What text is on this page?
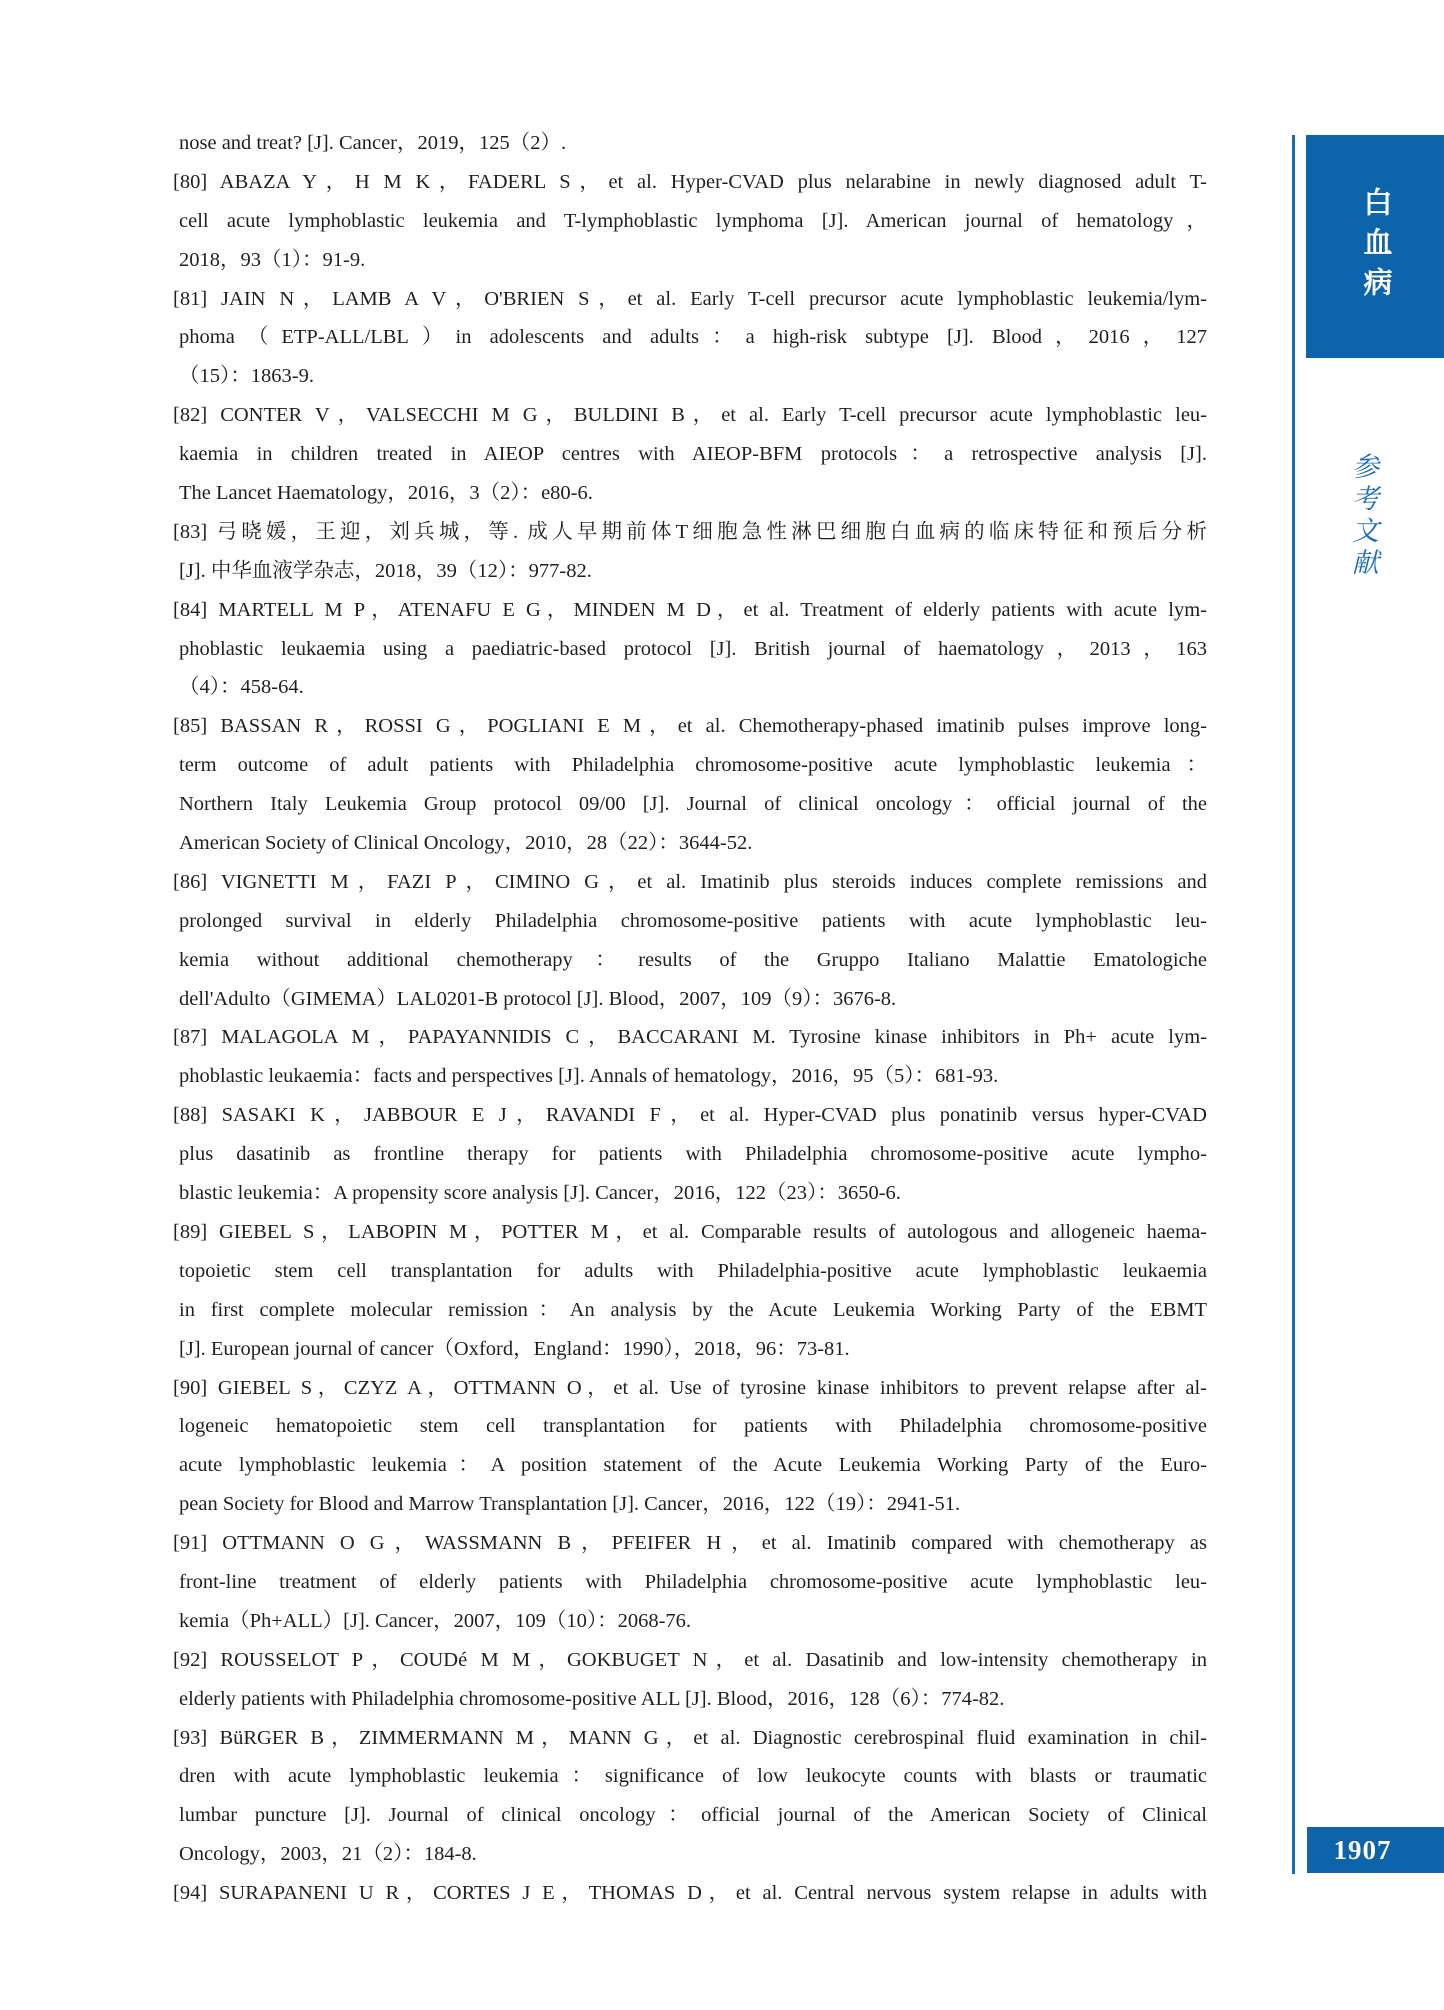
nose and treat? [J]. Cancer，2019，125（2）.
[80] ABAZA Y，H M K，FADERL S，et al. Hyper-CVAD plus nelarabine in newly diagnosed adult T-
cell acute lymphoblastic leukemia and T-lymphoblastic lymphoma [J]. American journal of hematology，
2018，93（1）：91-9.
[81] JAIN N，LAMB A V，O'BRIEN S，et al. Early T-cell precursor acute lymphoblastic leukemia/lym-
phoma（ETP-ALL/LBL）in adolescents and adults：a high-risk subtype [J]. Blood，2016，127
（15）：1863-9.
[82] CONTER V，VALSECCHI M G，BULDINI B，et al. Early T-cell precursor acute lymphoblastic leu-
kaemia in children treated in AIEOP centres with AIEOP-BFM protocols：a retrospective analysis [J].
The Lancet Haematology，2016，3（2）：e80-6.
[83] 弓晓媛，王迎，刘兵城，等. 成人早期前体T细胞急性淋巴细胞白血病的临床特征和预后分析
[J]. 中华血液学杂志，2018，39（12）：977-82.
[84] MARTELL M P，ATENAFU E G，MINDEN M D，et al. Treatment of elderly patients with acute lym-
phoblastic leukaemia using a paediatric-based protocol [J]. British journal of haematology，2013，163
（4）：458-64.
[85] BASSAN R，ROSSI G，POGLIANI E M，et al. Chemotherapy-phased imatinib pulses improve long-
term outcome of adult patients with Philadelphia chromosome-positive acute lymphoblastic leukemia：
Northern Italy Leukemia Group protocol 09/00 [J]. Journal of clinical oncology：official journal of the
American Society of Clinical Oncology，2010，28（22）：3644-52.
[86] VIGNETTI M，FAZI P，CIMINO G，et al. Imatinib plus steroids induces complete remissions and
prolonged survival in elderly Philadelphia chromosome-positive patients with acute lymphoblastic leu-
kemia without additional chemotherapy：results of the Gruppo Italiano Malattie Ematologiche
dell'Adulto（GIMEMA）LAL0201-B protocol [J]. Blood，2007，109（9）：3676-8.
[87] MALAGOLA M，PAPAYANNIDIS C，BACCARANI M. Tyrosine kinase inhibitors in Ph+ acute lym-
phoblastic leukaemia：facts and perspectives [J]. Annals of hematology，2016，95（5）：681-93.
[88] SASAKI K，JABBOUR E J，RAVANDI F，et al. Hyper-CVAD plus ponatinib versus hyper-CVAD
plus dasatinib as frontline therapy for patients with Philadelphia chromosome-positive acute lympho-
blastic leukemia：A propensity score analysis [J]. Cancer，2016，122（23）：3650-6.
[89] GIEBEL S，LABOPIN M，POTTER M，et al. Comparable results of autologous and allogeneic haema-
topoietic stem cell transplantation for adults with Philadelphia-positive acute lymphoblastic leukaemia
in first complete molecular remission：An analysis by the Acute Leukemia Working Party of the EBMT
[J]. European journal of cancer（Oxford，England：1990），2018，96：73-81.
[90] GIEBEL S，CZYZ A，OTTMANN O，et al. Use of tyrosine kinase inhibitors to prevent relapse after al-
logeneic hematopoietic stem cell transplantation for patients with Philadelphia chromosome-positive
acute lymphoblastic leukemia：A position statement of the Acute Leukemia Working Party of the Euro-
pean Society for Blood and Marrow Transplantation [J]. Cancer，2016，122（19）：2941-51.
[91] OTTMANN O G，WASSMANN B，PFEIFER H，et al. Imatinib compared with chemotherapy as
front-line treatment of elderly patients with Philadelphia chromosome-positive acute lymphoblastic leu-
kemia（Ph+ALL）[J]. Cancer，2007，109（10）：2068-76.
[92] ROUSSELOT P，COUDé M M，GOKBUGET N，et al. Dasatinib and low-intensity chemotherapy in
elderly patients with Philadelphia chromosome-positive ALL [J]. Blood，2016，128（6）：774-82.
[93] BüRGER B，ZIMMERMANN M，MANN G，et al. Diagnostic cerebrospinal fluid examination in chil-
dren with acute lymphoblastic leukemia：significance of low leukocyte counts with blasts or traumatic
lumbar puncture [J]. Journal of clinical oncology：official journal of the American Society of Clinical
Oncology，2003，21（2）：184-8.
[94] SURAPANENI U R，CORTES J E，THOMAS D，et al. Central nervous system relapse in adults with
白血病
参考文献
1907
